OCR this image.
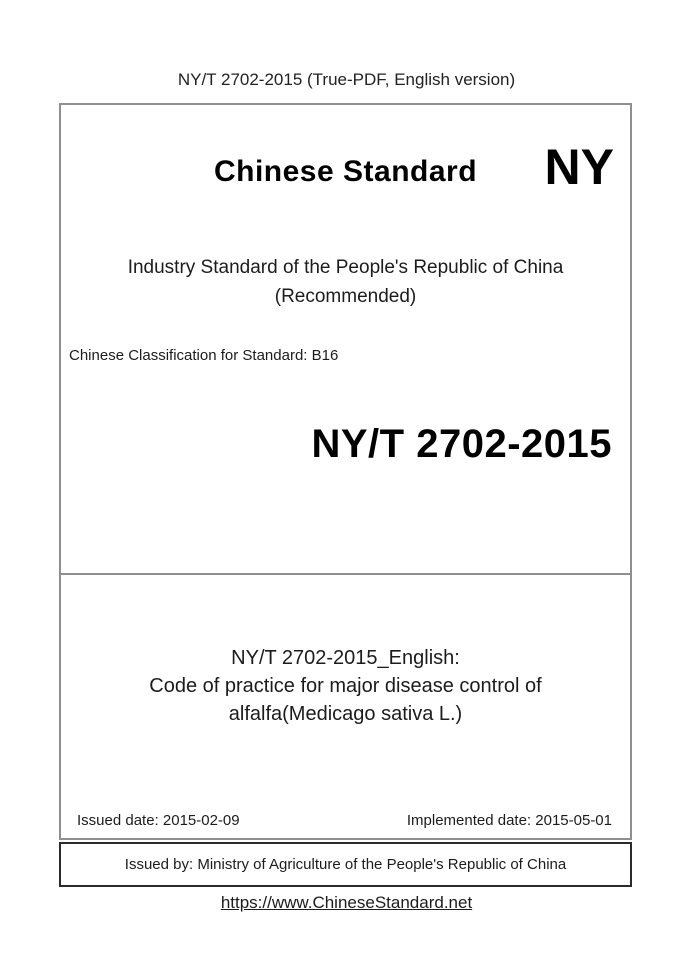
NY/T 2702-2015 (True-PDF, English version)
Chinese Standard	NY
Industry Standard of the People's Republic of China
(Recommended)
Chinese Classification for Standard: B16
NY/T 2702-2015
NY/T 2702-2015_English:
Code of practice for major disease control of
alfalfa(Medicago sativa L.)
Issued date: 2015-02-09	Implemented date: 2015-05-01
Issued by: Ministry of Agriculture of the People's Republic of China
https://www.ChineseStandard.net
